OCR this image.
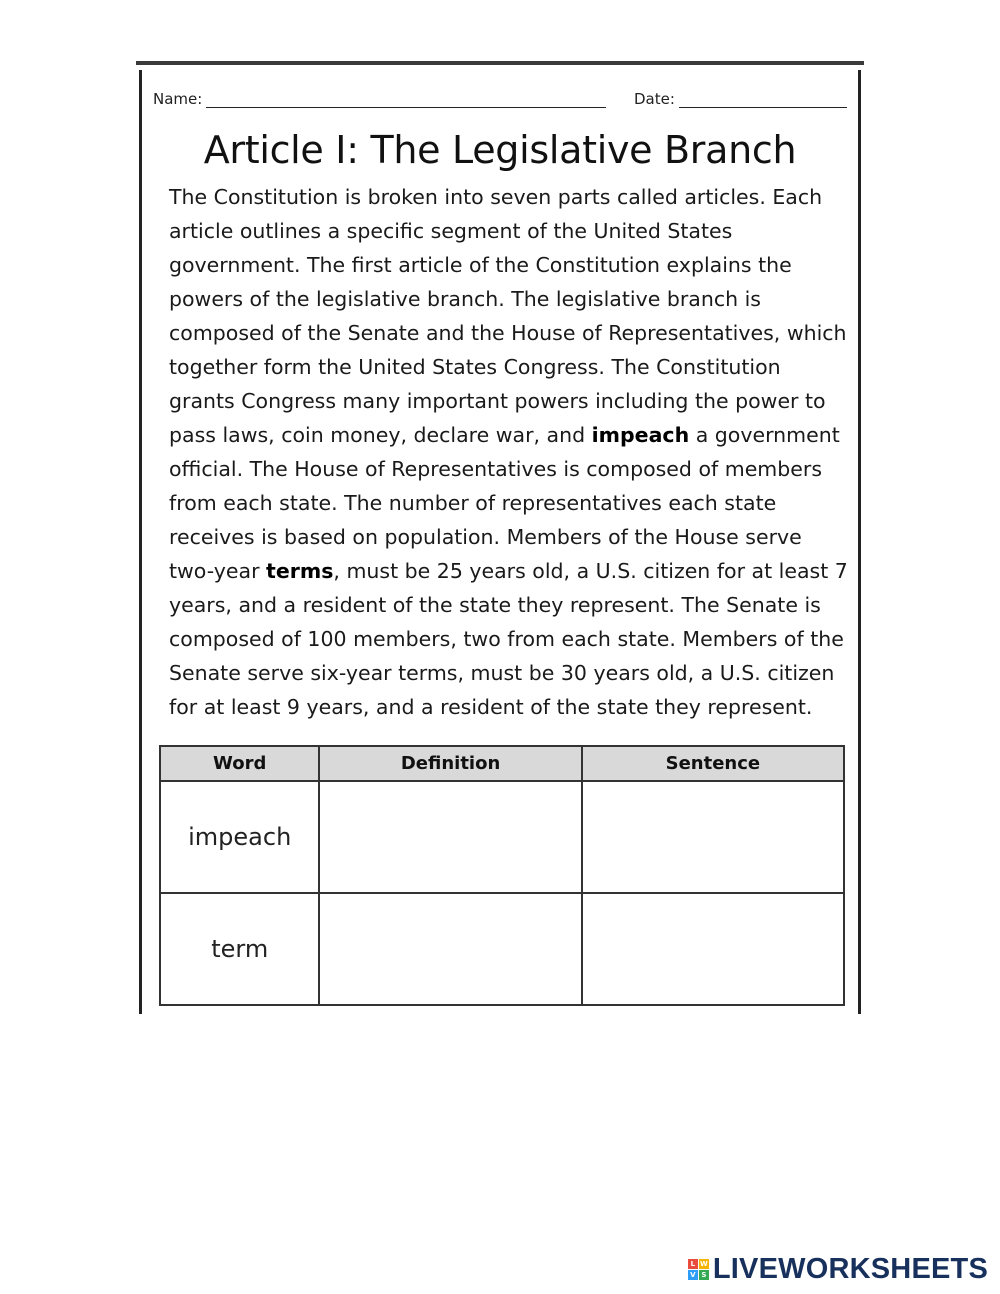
Name:	Date:
Article I: The Legislative Branch

The Constitution is broken into seven parts called articles. Each article outlines a specific segment of the United States government. The first article of the Constitution explains the powers of the legislative branch. The legislative branch is composed of the Senate and the House of Representatives, which together form the United States Congress. The Constitution grants Congress many important powers including the power to pass laws, coin money, declare war, and impeach a government official. The House of Representatives is composed of members from each state. The number of representatives each state receives is based on population. Members of the House serve two-year terms, must be 25 years old, a U.S. citizen for at least 7 years, and a resident of the state they represent. The Senate is composed of 100 members, two from each state. Members of the Senate serve six-year terms, must be 30 years old, a U.S. citizen for at least 9 years, and a resident of the state they represent.

Word	Definition	Sentence
impeach		
term		
L W
V S LIVEWORKSHEETS
